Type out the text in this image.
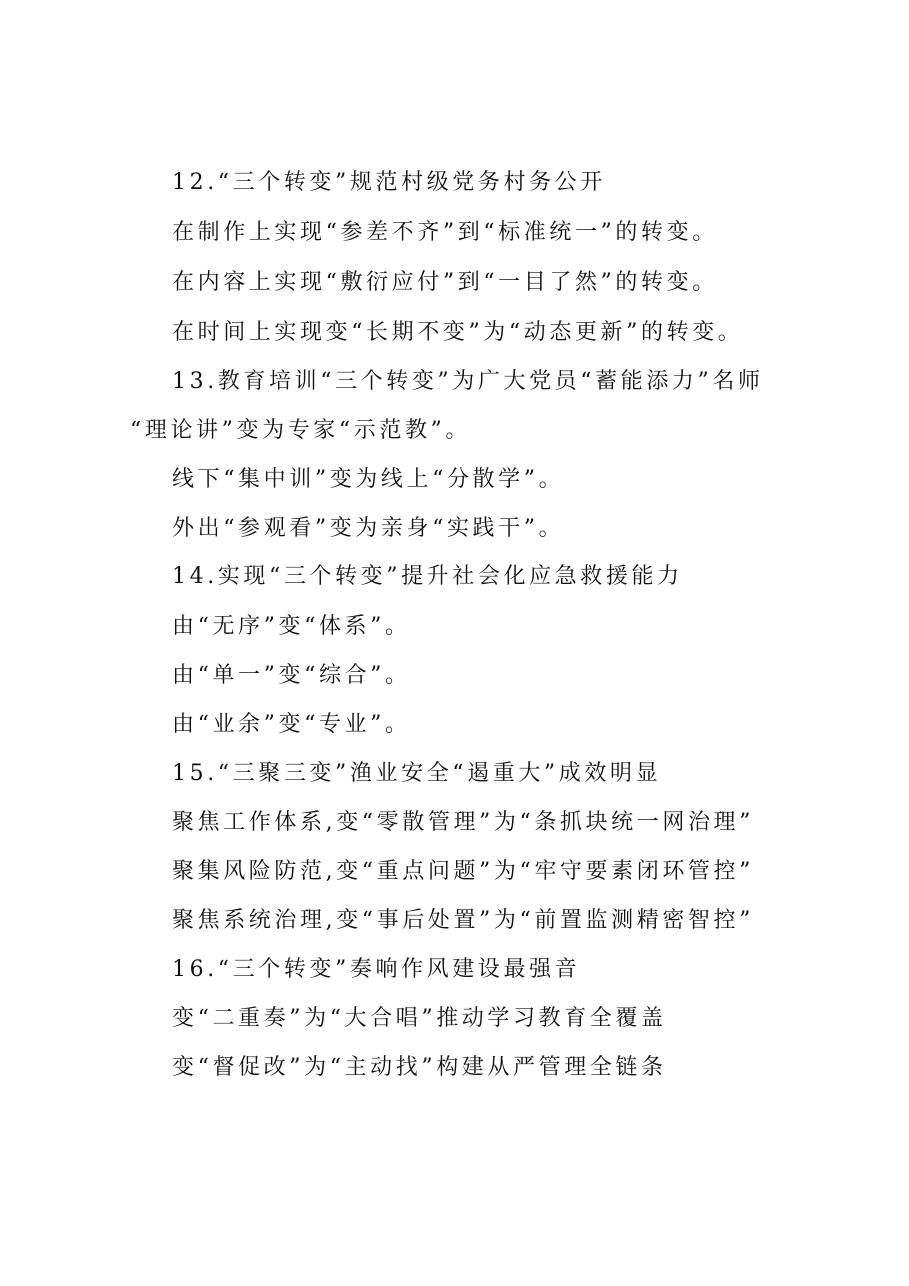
12.“三个转变”规范村级党务村务公开
在制作上实现“参差不齐”到“标准统一”的转变。
在内容上实现“敷衍应付”到“一目了然”的转变。
在时间上实现变“长期不变”为“动态更新”的转变。
13.教育培训“三个转变”为广大党员“蓄能添力”名师
“理论讲”变为专家“示范教”。
线下“集中训”变为线上“分散学”。
外出“参观看”变为亲身“实践干”。
14.实现“三个转变”提升社会化应急救援能力
由“无序”变“体系”。
由“单一”变“综合”。
由“业余”变“专业”。
15.“三聚三变”渔业安全“遏重大”成效明显
聚焦工作体系,变“零散管理”为“条抓块统一网治理”
聚集风险防范,变“重点问题”为“牢守要素闭环管控”
聚焦系统治理,变“事后处置”为“前置监测精密智控”
16.“三个转变”奏响作风建设最强音
变“二重奏”为“大合唱”推动学习教育全覆盖
变“督促改”为“主动找”构建从严管理全链条
